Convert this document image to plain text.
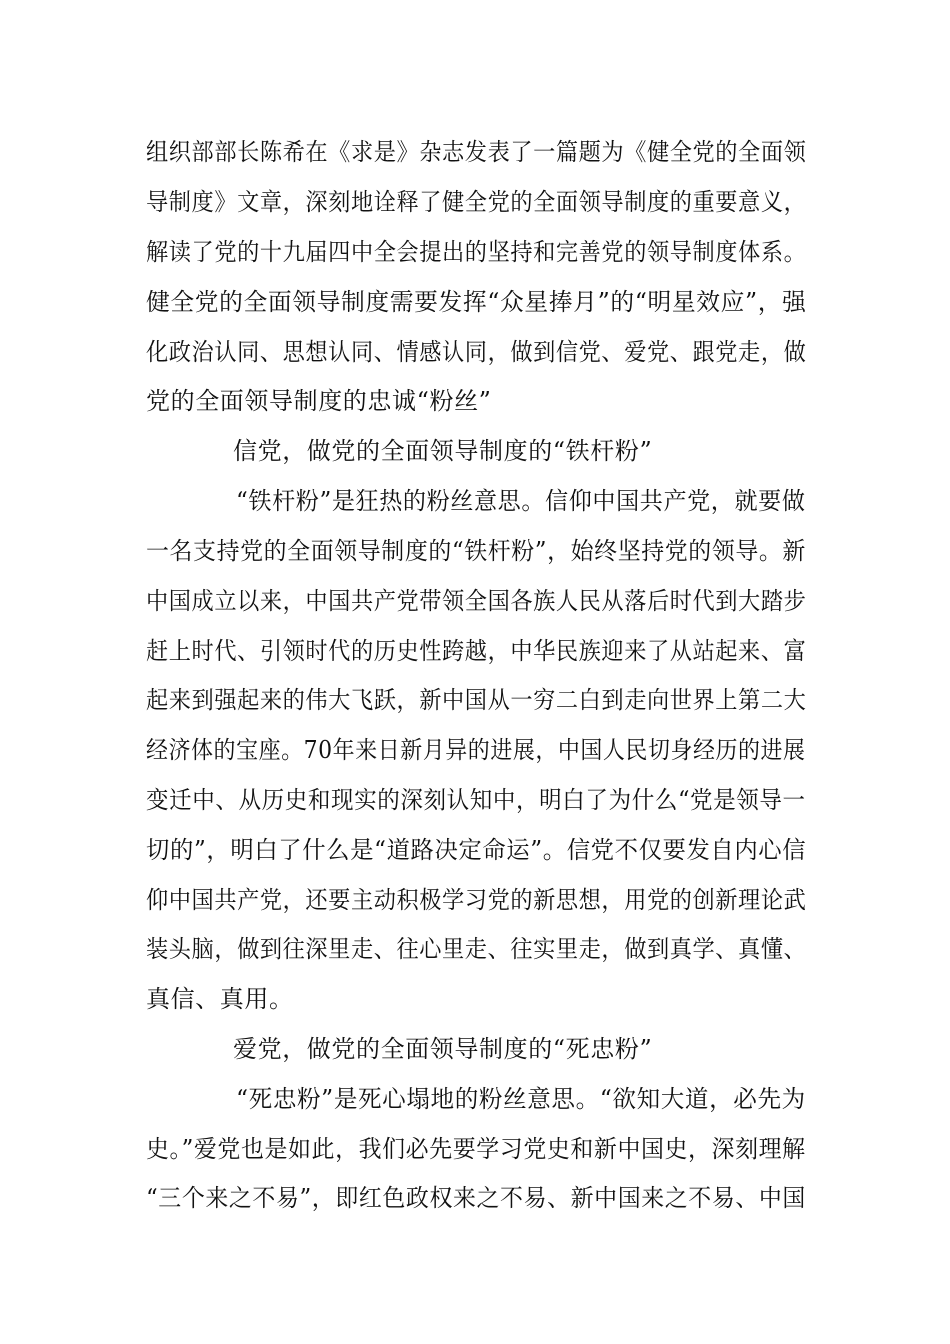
组织部部长陈希在《求是》杂志发表了一篇题为《健全党的全面领
导制度》文章，深刻地诠释了健全党的全面领导制度的重要意义，
解读了党的十九届四中全会提出的坚持和完善党的领导制度体系。
健全党的全面领导制度需要发挥“众星捧月”的“明星效应”，强
化政治认同、思想认同、情感认同，做到信党、爱党、跟党走，做
党的全面领导制度的忠诚“粉丝”
信党，做党的全面领导制度的“铁杆粉”
“铁杆粉”是狂热的粉丝意思。信仰中国共产党，就要做
一名支持党的全面领导制度的“铁杆粉”，始终坚持党的领导。新
中国成立以来，中国共产党带领全国各族人民从落后时代到大踏步
赶上时代、引领时代的历史性跨越，中华民族迎来了从站起来、富
起来到强起来的伟大飞跃，新中国从一穷二白到走向世界上第二大
经济体的宝座。70年来日新月异的进展，中国人民切身经历的进展
变迁中、从历史和现实的深刻认知中，明白了为什么“党是领导一
切的”，明白了什么是“道路决定命运”。信党不仅要发自内心信
仰中国共产党，还要主动积极学习党的新思想，用党的创新理论武
装头脑，做到往深里走、往心里走、往实里走，做到真学、真懂、
真信、真用。
爱党，做党的全面领导制度的“死忠粉”
“死忠粉”是死心塌地的粉丝意思。“欲知大道，必先为
史。”爱党也是如此，我们必先要学习党史和新中国史，深刻理解
“三个来之不易”，即红色政权来之不易、新中国来之不易、中国
